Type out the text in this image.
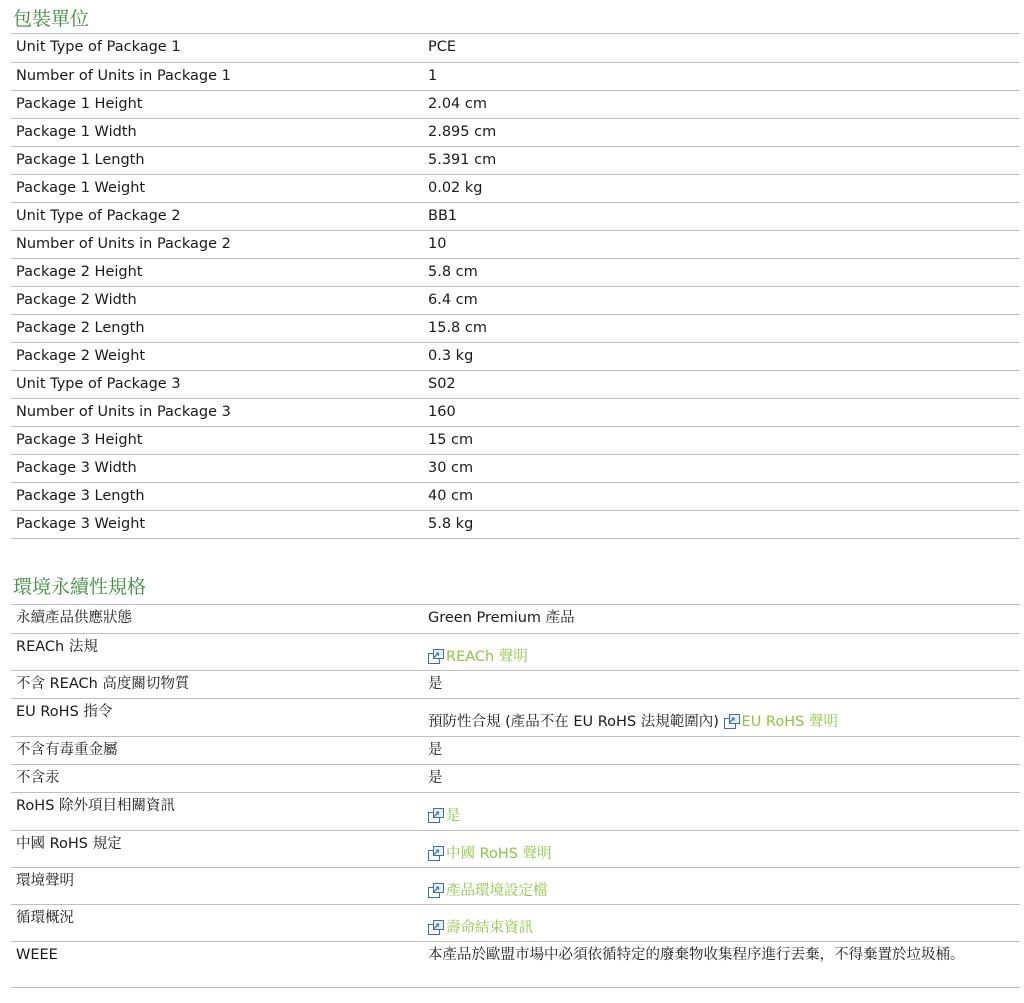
包裝單位
Unit Type of Package 1	PCE
Number of Units in Package 1	1
Package 1 Height	2.04 cm
Package 1 Width	2.895 cm
Package 1 Length	5.391 cm
Package 1 Weight	0.02 kg
Unit Type of Package 2	BB1
Number of Units in Package 2	10
Package 2 Height	5.8 cm
Package 2 Width	6.4 cm
Package 2 Length	15.8 cm
Package 2 Weight	0.3 kg
Unit Type of Package 3	S02
Number of Units in Package 3	160
Package 3 Height	15 cm
Package 3 Width	30 cm
Package 3 Length	40 cm
Package 3 Weight	5.8 kg
環境永續性規格
永續產品供應狀態	Green Premium 產品
REACh 法規	↗ REACh 聲明
不含 REACh 高度關切物質	是
EU RoHS 指令	預防性合規 (產品不在 EU RoHS 法規範圍內) ↗ EU RoHS 聲明
不含有毒重金屬	是
不含汞	是
RoHS 除外項目相關資訊	↗ 是
中國 RoHS 規定	↗ 中國 RoHS 聲明
環境聲明	↗ 產品環境設定檔
循環概況	↗ 壽命結束資訊
WEEE	本產品於歐盟市場中必須依循特定的廢棄物收集程序進行丟棄，不得棄置於垃圾桶。
